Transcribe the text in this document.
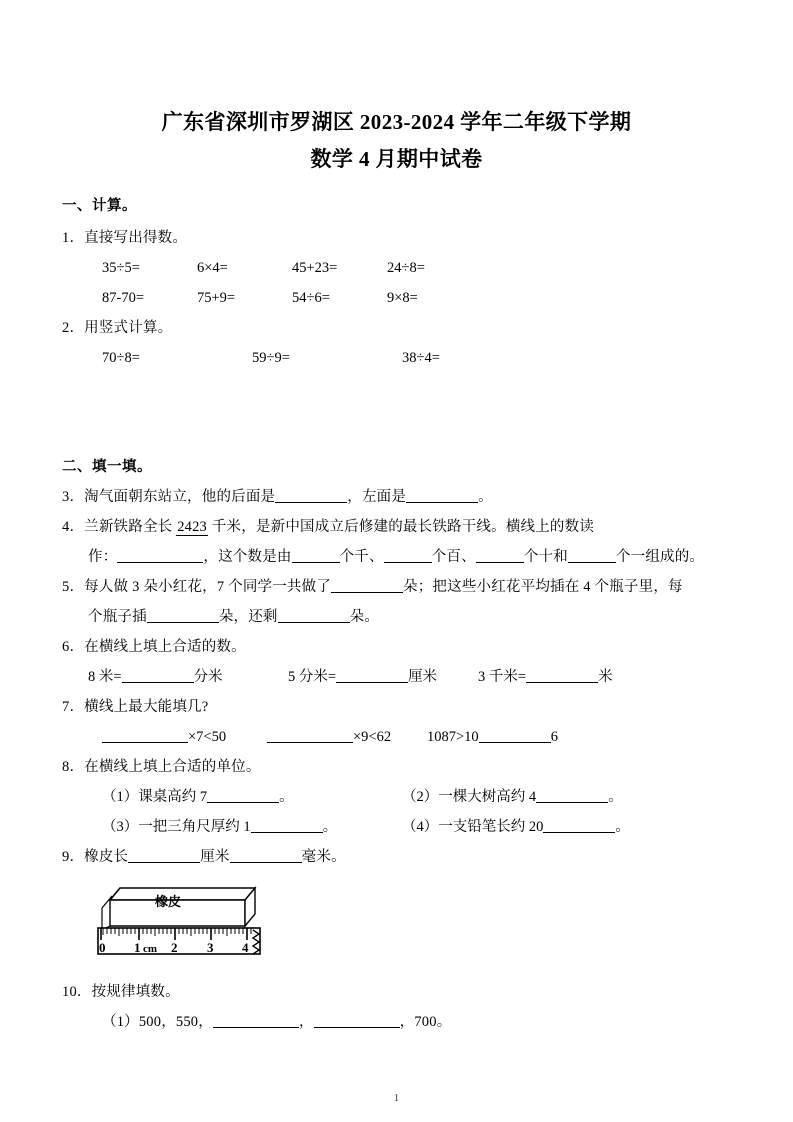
广东省深圳市罗湖区 2023-2024 学年二年级下学期
数学 4 月期中试卷
一、计算。
1．直接写出得数。
35÷5=	6×4=	45+23=	24÷8=
87-70=	75+9=	54÷6=	9×8=
2．用竖式计算。
70÷8=	59÷9=	38÷4=
二、填一填。
3．淘气面朝东站立，他的后面是	，左面是	。
4．兰新铁路全长 2423 千米，是新中国成立后修建的最长铁路干线。横线上的数读
作：	，这个数是由	个千、	个百、	个十和	个一组成的。
5．每人做 3 朵小红花，7 个同学一共做了	朵；把这些小红花平均插在 4 个瓶子里，每
个瓶子插	朵，还剩	朵。
6．在横线上填上合适的数。
8 米=	分米	5 分米=	厘米	3 千米=	米
7．横线上最大能填几?
×7<50	×9<62	1087>10	6
8．在横线上填上合适的单位。
（1）课桌高约 7	。	（2）一棵大树高约 4	。
（3）一把三角尺厚约 1	。	（4）一支铅笔长约 20	。
9．橡皮长	厘米	毫米。
橡皮
0 1 cm 2 3 4
10．按规律填数。
（1）500，550，	，	，700。
1
